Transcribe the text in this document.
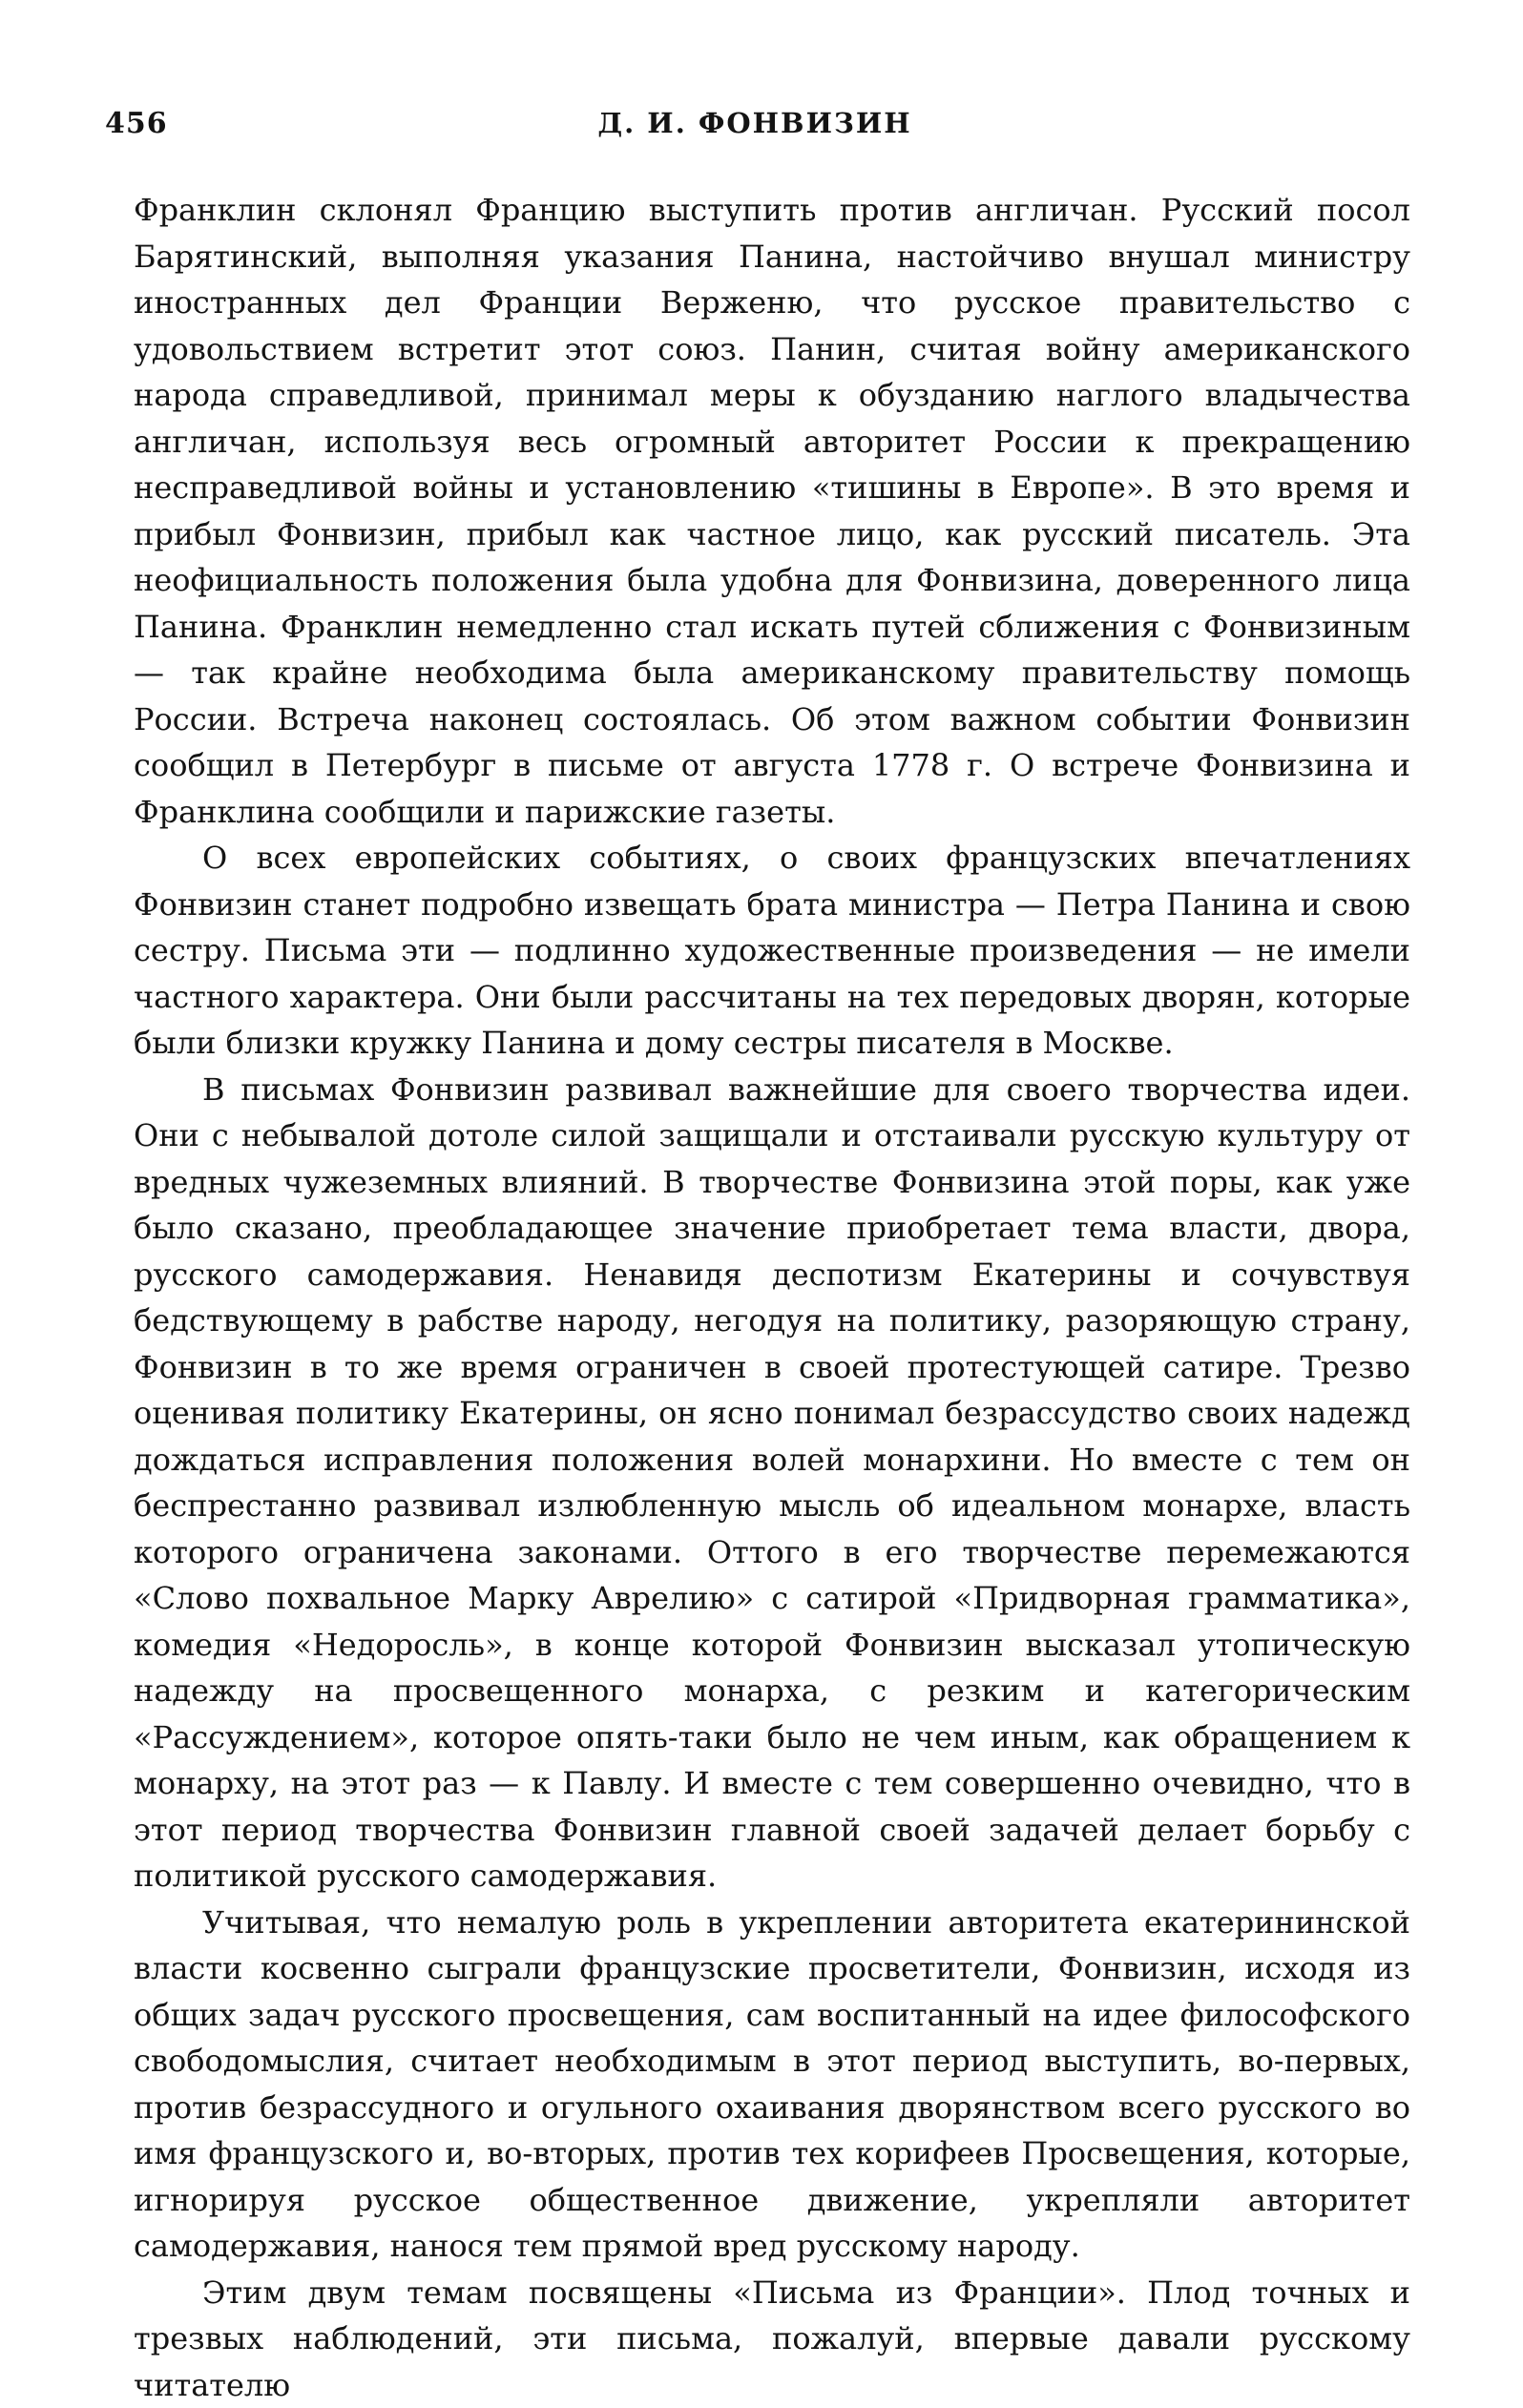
456	Д. И. ФОНВИЗИН

Франклин склонял Францию выступить против англичан. Русский посол Барятинский, выполняя указания Панина, настойчиво внушал министру иностранных дел Франции Верженю, что русское правительство с удовольствием встретит этот союз. Панин, считая войну американского народа справедливой, принимал меры к обузданию наглого владычества англичан, используя весь огромный авторитет России к прекращению несправедливой войны и установлению «тишины в Европе». В это время и прибыл Фонвизин, прибыл как частное лицо, как русский писатель. Эта неофициальность положения была удобна для Фонвизина, доверенного лица Панина. Франклин немедленно стал искать путей сближения с Фонвизиным — так крайне необходима была американскому правительству помощь России. Встреча наконец состоялась. Об этом важном событии Фонвизин сообщил в Петербург в письме от августа 1778 г. О встрече Фонвизина и Франклина сообщили и парижские газеты.

О всех европейских событиях, о своих французских впечатлениях Фонвизин станет подробно извещать брата министра — Петра Панина и свою сестру. Письма эти — подлинно художественные произведения — не имели частного характера. Они были рассчитаны на тех передовых дворян, которые были близки кружку Панина и дому сестры писателя в Москве.

В письмах Фонвизин развивал важнейшие для своего творчества идеи. Они с небывалой дотоле силой защищали и отстаивали русскую культуру от вредных чужеземных влияний. В творчестве Фонвизина этой поры, как уже было сказано, преобладающее значение приобретает тема власти, двора, русского самодержавия. Ненавидя деспотизм Екатерины и сочувствуя бедствующему в рабстве народу, негодуя на политику, разоряющую страну, Фонвизин в то же время ограничен в своей протестующей сатире. Трезво оценивая политику Екатерины, он ясно понимал безрассудство своих надежд дождаться исправления положения волей монархини. Но вместе с тем он беспрестанно развивал излюбленную мысль об идеальном монархе, власть которого ограничена законами. Оттого в его творчестве перемежаются «Слово похвальное Марку Аврелию» с сатирой «Придворная грамматика», комедия «Недоросль», в конце которой Фонвизин высказал утопическую надежду на просвещенного монарха, с резким и категорическим «Рассуждением», которое опять-таки было не чем иным, как обращением к монарху, на этот раз — к Павлу. И вместе с тем совершенно очевидно, что в этот период творчества Фонвизин главной своей задачей делает борьбу с политикой русского самодержавия.

Учитывая, что немалую роль в укреплении авторитета екатерининской власти косвенно сыграли французские просветители, Фонвизин, исходя из общих задач русского просвещения, сам воспитанный на идее философского свободомыслия, считает необходимым в этот период выступить, во-первых, против безрассудного и огульного охаивания дворянством всего русского во имя французского и, во-вторых, против тех корифеев Просвещения, которые, игнорируя русское общественное движение, укрепляли авторитет самодержавия, нанося тем прямой вред русскому народу.

Этим двум темам посвящены «Письма из Франции». Плод точных и трезвых наблюдений, эти письма, пожалуй, впервые давали русскому читателю
